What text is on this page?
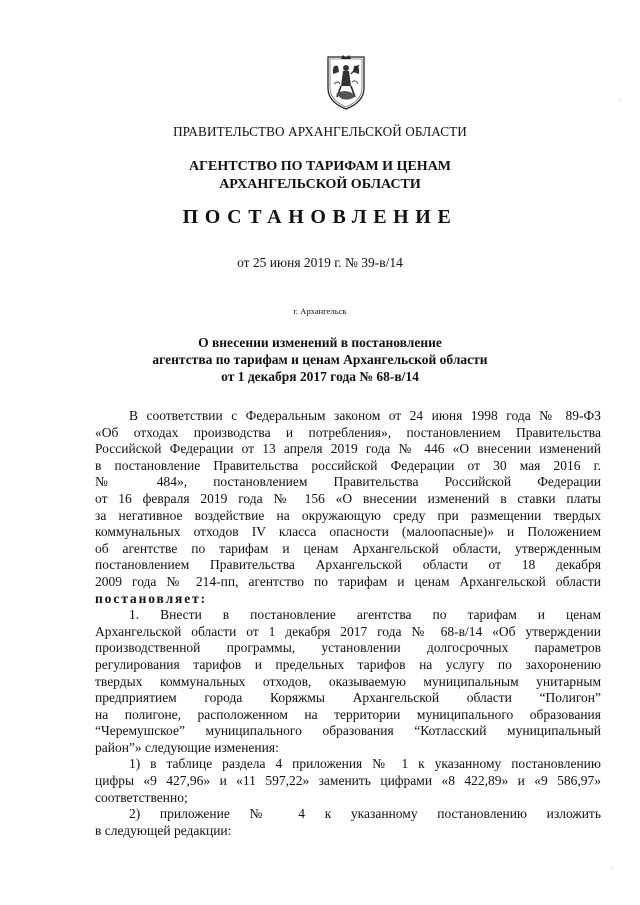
ПРАВИТЕЛЬСТВО АРХАНГЕЛЬСКОЙ ОБЛАСТИ
АГЕНТСТВО ПО ТАРИФАМ И ЦЕНАМ
АРХАНГЕЛЬСКОЙ ОБЛАСТИ
ПОСТАНОВЛЕНИЕ
от 25 июня 2019 г. № 39-в/14
г. Архангельск
О внесении изменений в постановление
агентства по тарифам и ценам Архангельской области
от 1 декабря 2017 года № 68-в/14

В соответствии с Федеральным законом от 24 июня 1998 года № 89-ФЗ

«Об отходах производства и потребления», постановлением Правительства

Российской Федерации от 13 апреля 2019 года № 446 «О внесении изменений

в постановление Правительства российской Федерации от 30 мая 2016 г.

№ 484», постановлением Правительства Российской Федерации

от 16 февраля 2019 года № 156 «О внесении изменений в ставки платы

за негативное воздействие на окружающую среду при размещении твердых

коммунальных отходов IV класса опасности (малоопасные)» и Положением

об агентстве по тарифам и ценам Архангельской области, утвержденным

постановлением Правительства Архангельской области от 18 декабря

2009 года № 214-пп, агентство по тарифам и ценам Архангельской области

постановляет:

1. Внести в постановление агентства по тарифам и ценам

Архангельской области от 1 декабря 2017 года № 68-в/14 «Об утверждении

производственной программы, установлении долгосрочных параметров

регулирования тарифов и предельных тарифов на услугу по захоронению

твердых коммунальных отходов, оказываемую муниципальным унитарным

предприятием города Коряжмы Архангельской области “Полигон”

на полигоне, расположенном на территории муниципального образования

“Черемушское” муниципального образования “Котласский муниципальный

район”» следующие изменения:

1) в таблице раздела 4 приложения № 1 к указанному постановлению

цифры «9 427,96» и «11 597,22» заменить цифрами «8 422,89» и «9 586,97»

соответственно;

2) приложение № 4 к указанному постановлению изложить

в следующей редакции:

·
·
